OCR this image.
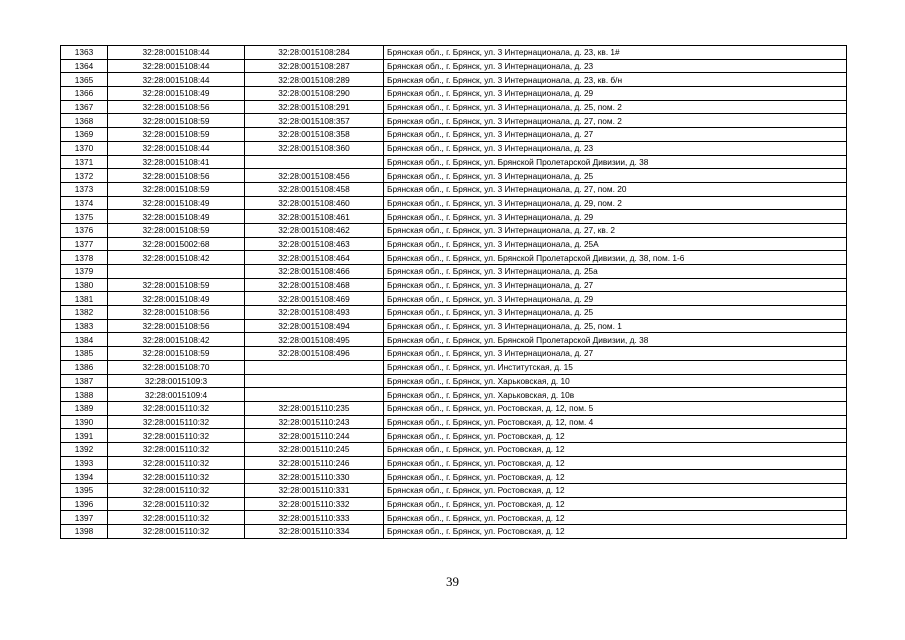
1363	32:28:0015108:44	32:28:0015108:284	Брянская обл., г. Брянск, ул. 3 Интернационала, д. 23, кв. 1#
1364	32:28:0015108:44	32:28:0015108:287	Брянская обл., г. Брянск, ул. 3 Интернационала, д. 23
1365	32:28:0015108:44	32:28:0015108:289	Брянская обл., г. Брянск, ул. 3 Интернационала, д. 23, кв. б/н
1366	32:28:0015108:49	32:28:0015108:290	Брянская обл., г. Брянск, ул. 3 Интернационала, д. 29
1367	32:28:0015108:56	32:28:0015108:291	Брянская обл., г. Брянск, ул. 3 Интернационала, д. 25, пом. 2
1368	32:28:0015108:59	32:28:0015108:357	Брянская обл., г. Брянск, ул. 3 Интернационала, д. 27, пом. 2
1369	32:28:0015108:59	32:28:0015108:358	Брянская обл., г. Брянск, ул. 3 Интернационала, д. 27
1370	32:28:0015108:44	32:28:0015108:360	Брянская обл., г. Брянск, ул. 3 Интернационала, д. 23
1371	32:28:0015108:41		Брянская обл., г. Брянск, ул. Брянской Пролетарской Дивизии, д. 38
1372	32:28:0015108:56	32:28:0015108:456	Брянская обл., г. Брянск, ул. 3 Интернационала, д. 25
1373	32:28:0015108:59	32:28:0015108:458	Брянская обл., г. Брянск, ул. 3 Интернационала, д. 27, пом. 20
1374	32:28:0015108:49	32:28:0015108:460	Брянская обл., г. Брянск, ул. 3 Интернационала, д. 29, пом. 2
1375	32:28:0015108:49	32:28:0015108:461	Брянская обл., г. Брянск, ул. 3 Интернационала, д. 29
1376	32:28:0015108:59	32:28:0015108:462	Брянская обл., г. Брянск, ул. 3 Интернационала, д. 27, кв. 2
1377	32:28:0015002:68	32:28:0015108:463	Брянская обл., г. Брянск, ул. 3 Интернационала, д. 25А
1378	32:28:0015108:42	32:28:0015108:464	Брянская обл., г. Брянск, ул. Брянской Пролетарской Дивизии, д. 38, пом. 1-6
1379		32:28:0015108:466	Брянская обл., г. Брянск, ул. 3 Интернационала, д. 25а
1380	32:28:0015108:59	32:28:0015108:468	Брянская обл., г. Брянск, ул. 3 Интернационала, д. 27
1381	32:28:0015108:49	32:28:0015108:469	Брянская обл., г. Брянск, ул. 3 Интернационала, д. 29
1382	32:28:0015108:56	32:28:0015108:493	Брянская обл., г. Брянск, ул. 3 Интернационала, д. 25
1383	32:28:0015108:56	32:28:0015108:494	Брянская обл., г. Брянск, ул. 3 Интернационала, д. 25, пом. 1
1384	32:28:0015108:42	32:28:0015108:495	Брянская обл., г. Брянск, ул. Брянской Пролетарской Дивизии, д. 38
1385	32:28:0015108:59	32:28:0015108:496	Брянская обл., г. Брянск, ул. 3 Интернационала, д. 27
1386	32:28:0015108:70		Брянская обл., г. Брянск, ул. Институтская, д. 15
1387	32:28:0015109:3		Брянская обл., г. Брянск, ул. Харьковская, д. 10
1388	32:28:0015109:4		Брянская обл., г. Брянск, ул. Харьковская, д. 10в
1389	32:28:0015110:32	32:28:0015110:235	Брянская обл., г. Брянск, ул. Ростовская, д. 12, пом. 5
1390	32:28:0015110:32	32:28:0015110:243	Брянская обл., г. Брянск, ул. Ростовская, д. 12, пом. 4
1391	32:28:0015110:32	32:28:0015110:244	Брянская обл., г. Брянск, ул. Ростовская, д. 12
1392	32:28:0015110:32	32:28:0015110:245	Брянская обл., г. Брянск, ул. Ростовская, д. 12
1393	32:28:0015110:32	32:28:0015110:246	Брянская обл., г. Брянск, ул. Ростовская, д. 12
1394	32:28:0015110:32	32:28:0015110:330	Брянская обл., г. Брянск, ул. Ростовская, д. 12
1395	32:28:0015110:32	32:28:0015110:331	Брянская обл., г. Брянск, ул. Ростовская, д. 12
1396	32:28:0015110:32	32:28:0015110:332	Брянская обл., г. Брянск, ул. Ростовская, д. 12
1397	32:28:0015110:32	32:28:0015110:333	Брянская обл., г. Брянск, ул. Ростовская, д. 12
1398	32:28:0015110:32	32:28:0015110:334	Брянская обл., г. Брянск, ул. Ростовская, д. 12
39
